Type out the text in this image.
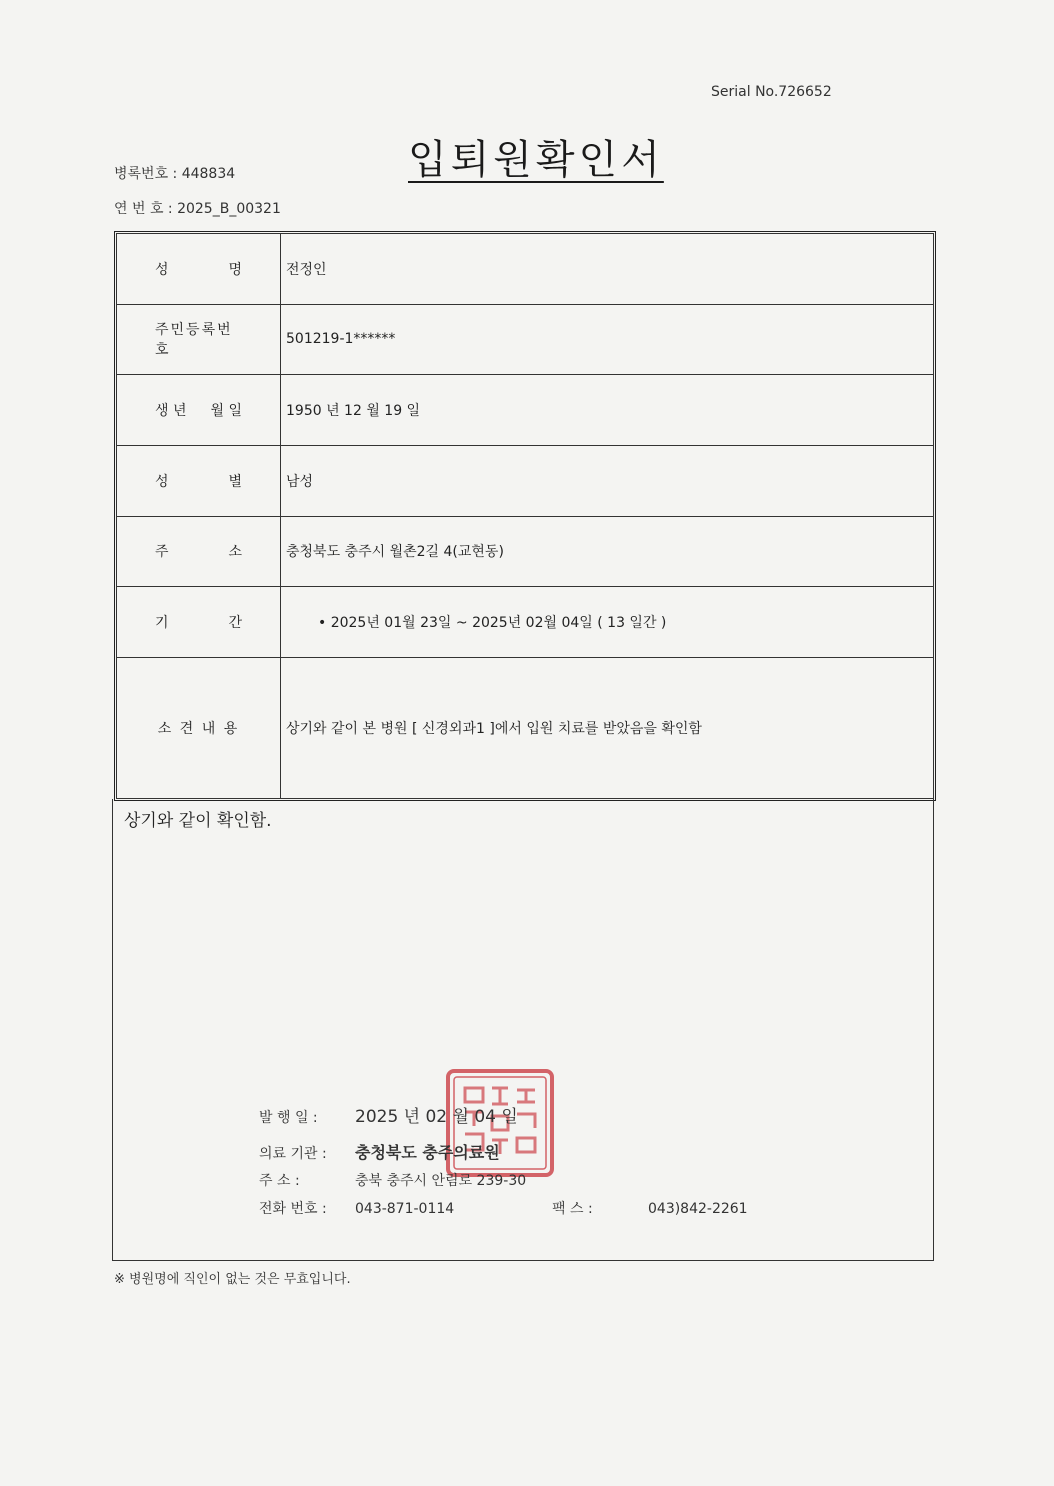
Serial No.726652
입퇴원확인서
병록번호 : 448834
연 번 호 : 2025_B_00321
성 명	전정인

주민등록번호	501219-1******

생 년 월 일	1950 년 12 월 19 일

성 별	남성

주 소	충청북도 충주시 월촌2길 4(교현동)

기 간	• 2025년 01월 23일 ~ 2025년 02월 04일 ( 13 일간 )

소 견 내 용	상기와 같이 본 병원 [ 신경외과1 ]에서 입원 치료를 받았음을 확인함
상기와 같이 확인함.
발 행 일 : 2025 년 02 월 04 일
의료 기관 : 충청북도 충주의료원
주 소 :	충북 충주시 안림로 239-30
전화 번호 : 043-871-0114	팩 스 :	043)842-2261
※ 병원명에 직인이 없는 것은 무효입니다.
